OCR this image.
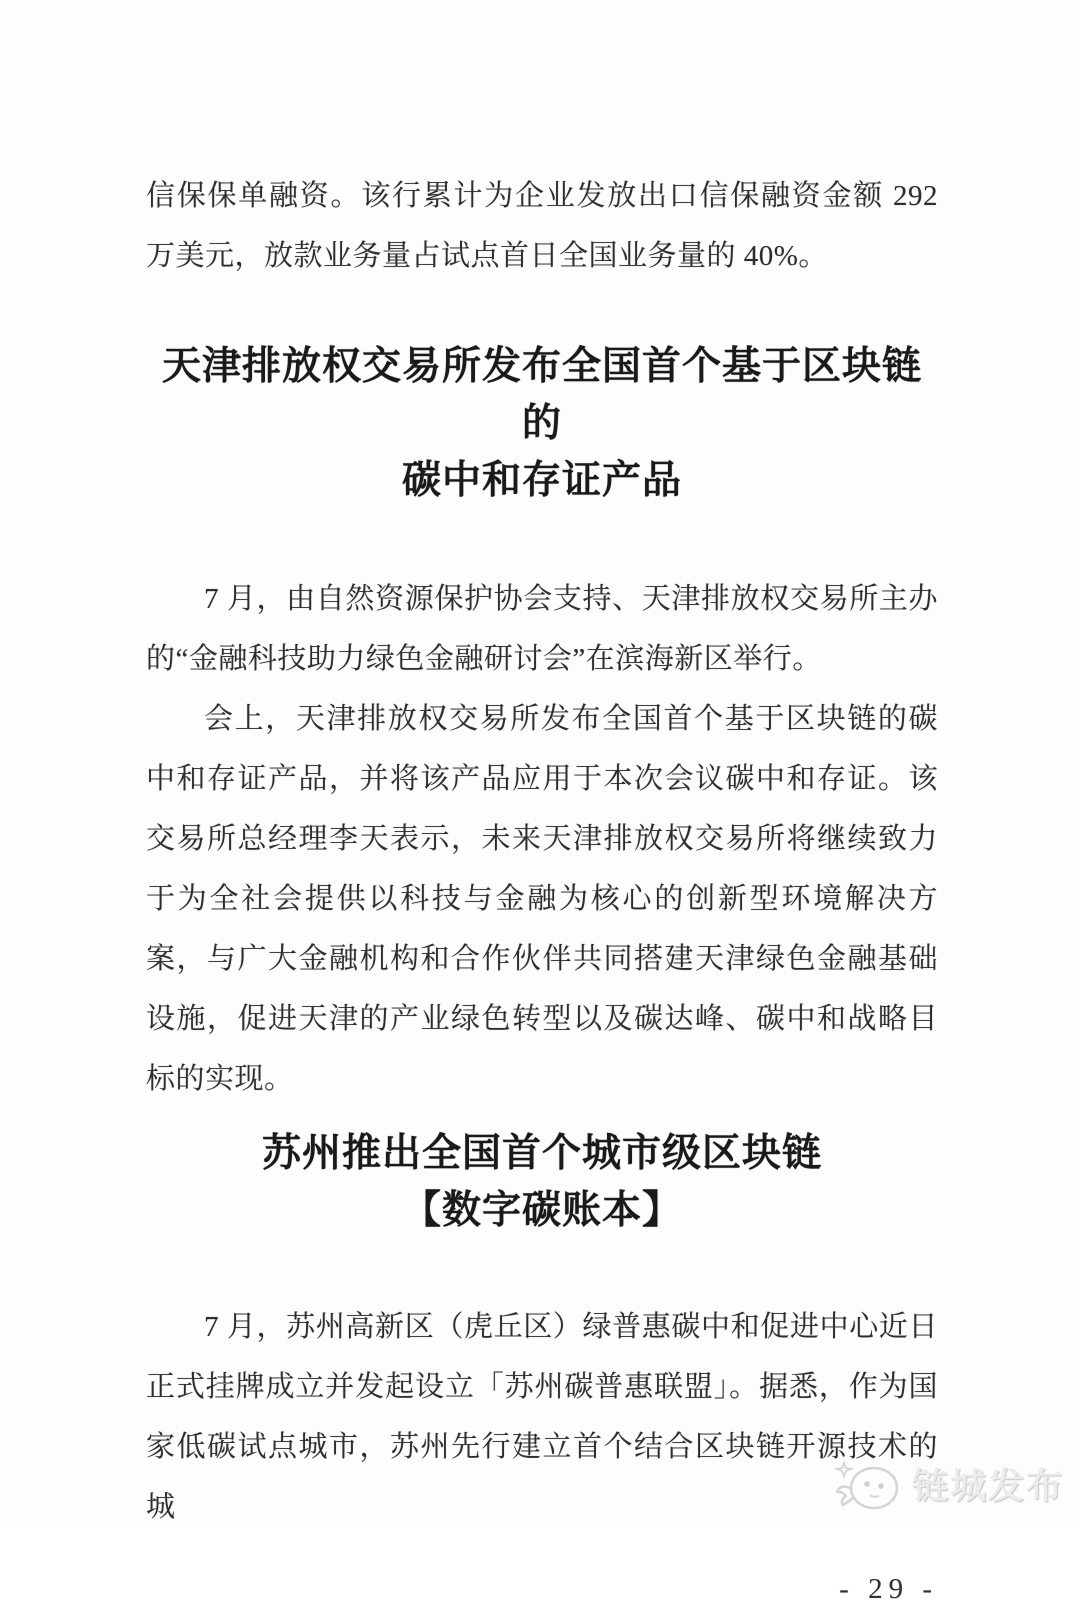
信保保单融资。该行累计为企业发放出口信保融资金额 292 万美元，放款业务量占试点首日全国业务量的 40%。

天津排放权交易所发布全国首个基于区块链的
碳中和存证产品

7 月，由自然资源保护协会支持、天津排放权交易所主办的“金融科技助力绿色金融研讨会”在滨海新区举行。

会上，天津排放权交易所发布全国首个基于区块链的碳中和存证产品，并将该产品应用于本次会议碳中和存证。该交易所总经理李天表示，未来天津排放权交易所将继续致力于为全社会提供以科技与金融为核心的创新型环境解决方案，与广大金融机构和合作伙伴共同搭建天津绿色金融基础设施，促进天津的产业绿色转型以及碳达峰、碳中和战略目标的实现。

苏州推出全国首个城市级区块链
【数字碳账本】

7 月，苏州高新区（虎丘区）绿普惠碳中和促进中心近日正式挂牌成立并发起设立「苏州碳普惠联盟」。据悉，作为国家低碳试点城市，苏州先行建立首个结合区块链开源技术的城

- 29 -
链城发布
